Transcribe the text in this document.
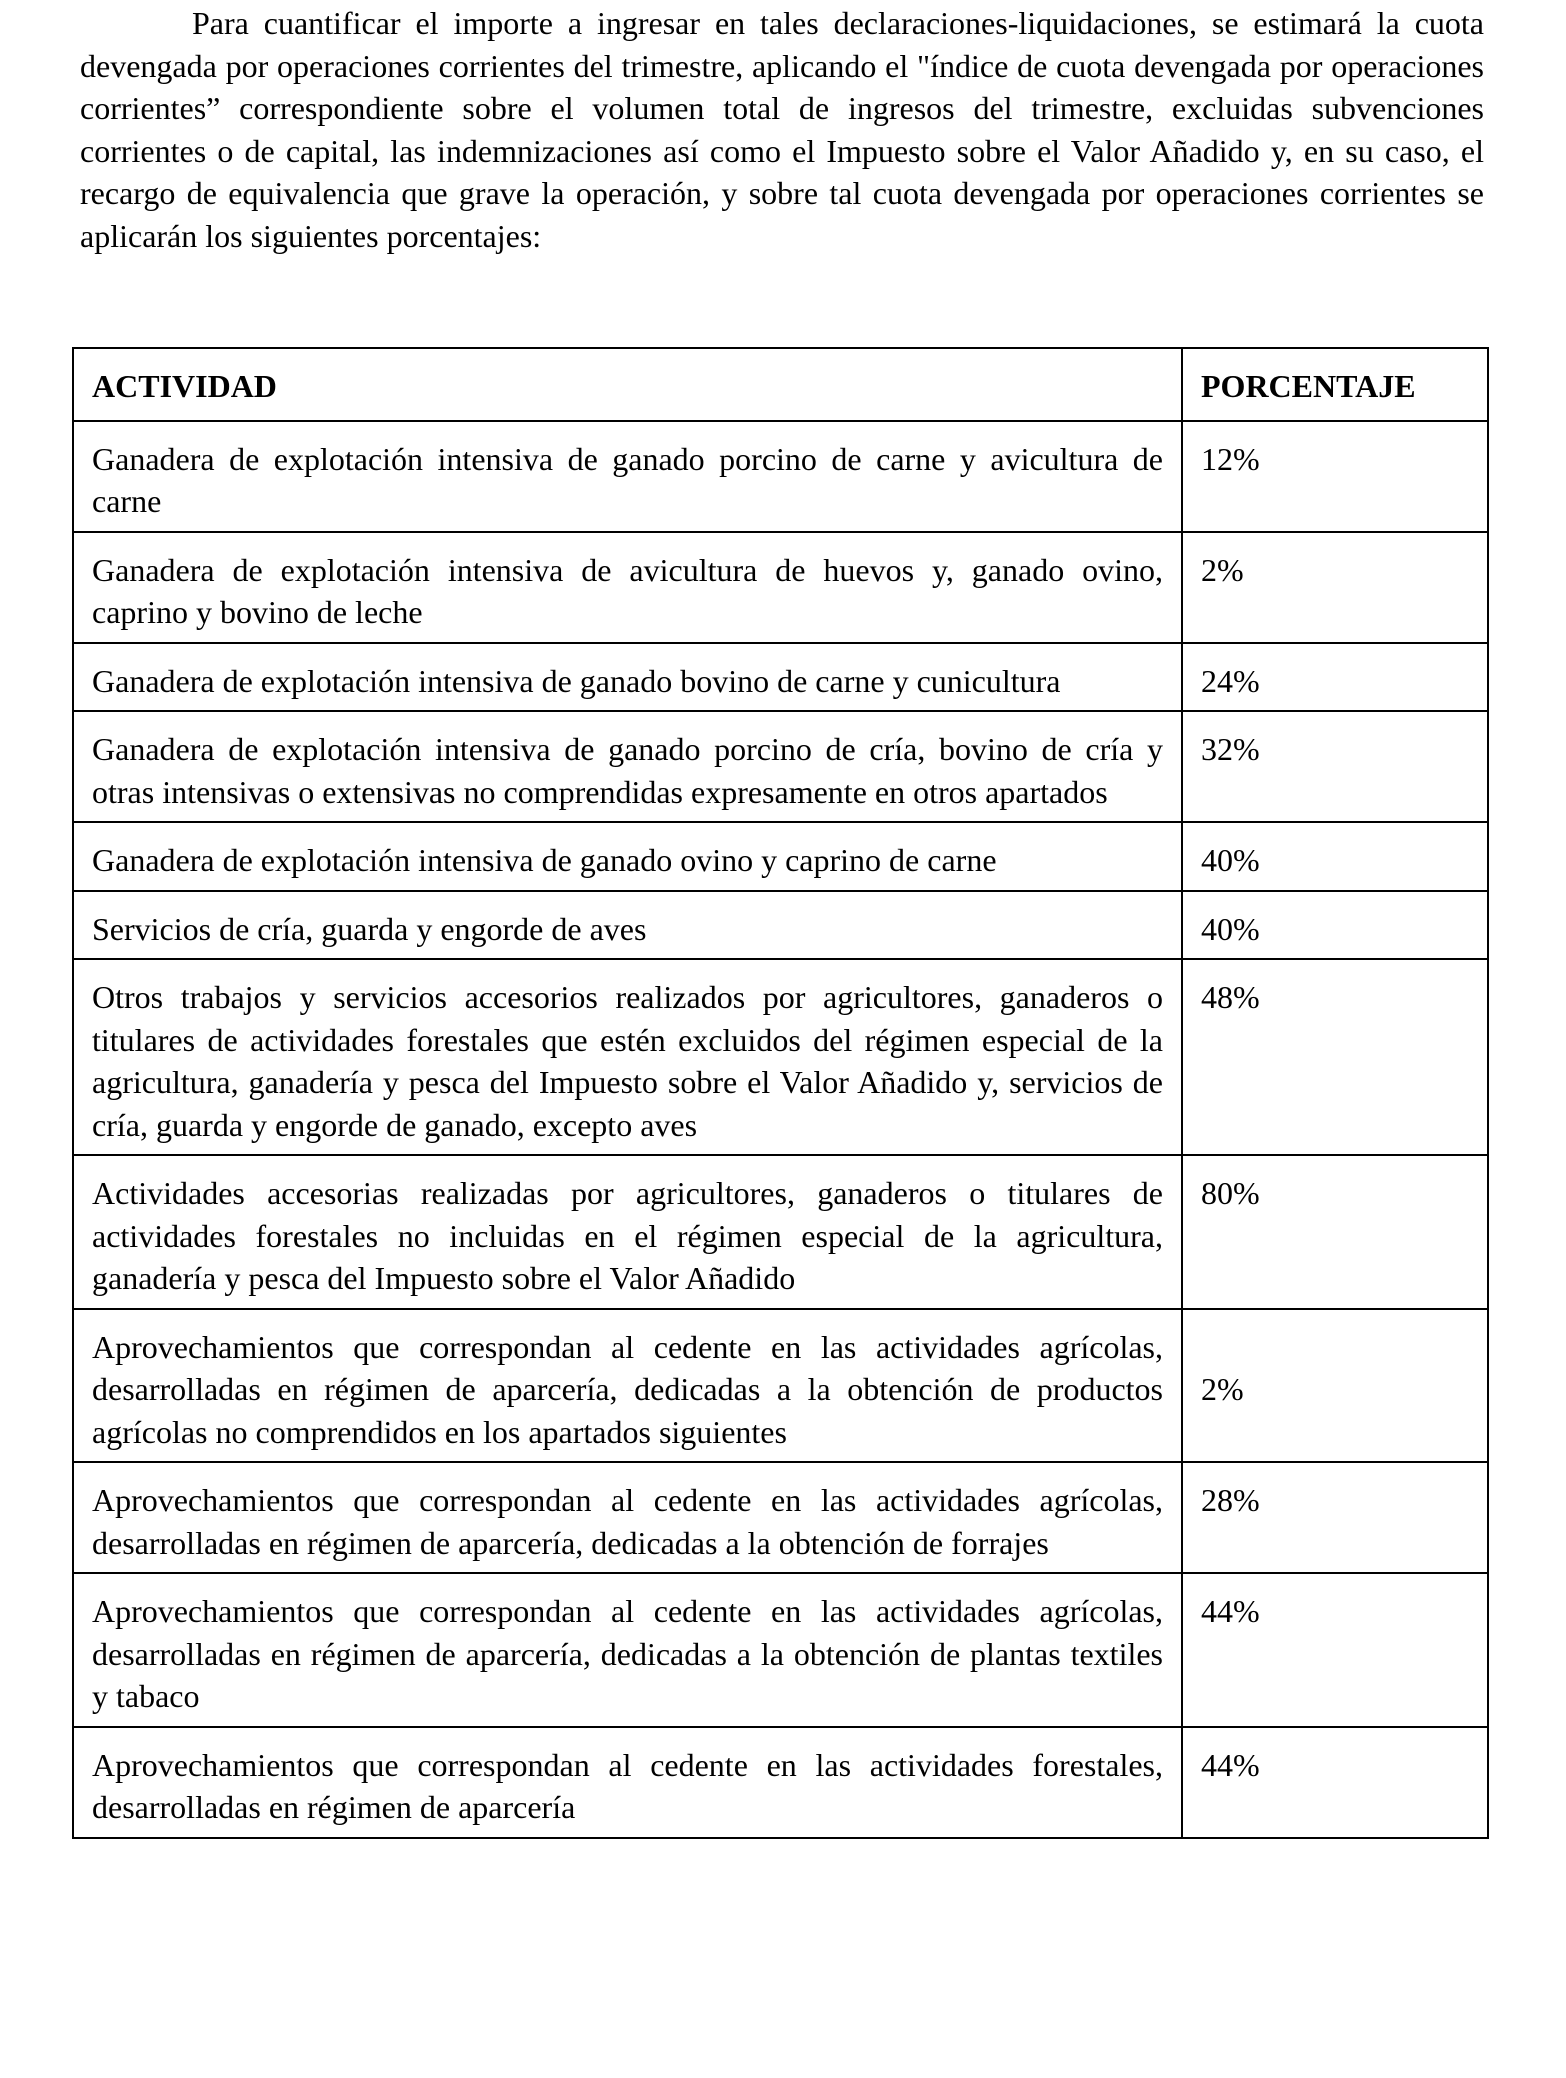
Para cuantificar el importe a ingresar en tales declaraciones-liquidaciones, se estimará la cuota devengada por operaciones corrientes del trimestre, aplicando el "índice de cuota devengada por operaciones corrientes” correspondiente sobre el volumen total de ingresos del trimestre, excluidas subvenciones corrientes o de capital, las indemnizaciones así como el Impuesto sobre el Valor Añadido y, en su caso, el recargo de equivalencia que grave la operación, y sobre tal cuota devengada por operaciones corrientes se aplicarán los siguientes porcentajes:

ACTIVIDAD	PORCENTAJE
Ganadera de explotación intensiva de ganado porcino de carne y avicultura de carne	12%
Ganadera de explotación intensiva de avicultura de huevos y, ganado ovino, caprino y bovino de leche	2%
Ganadera de explotación intensiva de ganado bovino de carne y cunicultura	24%
Ganadera de explotación intensiva de ganado porcino de cría, bovino de cría y otras intensivas o extensivas no comprendidas expresamente en otros apartados	32%
Ganadera de explotación intensiva de ganado ovino y caprino de carne	40%
Servicios de cría, guarda y engorde de aves	40%
Otros trabajos y servicios accesorios realizados por agricultores, ganaderos o titulares de actividades forestales que estén excluidos del régimen especial de la agricultura, ganadería y pesca del Impuesto sobre el Valor Añadido y, servicios de cría, guarda y engorde de ganado, excepto aves	48%
Actividades accesorias realizadas por agricultores, ganaderos o titulares de actividades forestales no incluidas en el régimen especial de la agricultura, ganadería y pesca del Impuesto sobre el Valor Añadido	80%
Aprovechamientos que correspondan al cedente en las actividades agrícolas, desarrolladas en régimen de aparcería, dedicadas a la obtención de productos agrícolas no comprendidos en los apartados siguientes	2%
Aprovechamientos que correspondan al cedente en las actividades agrícolas, desarrolladas en régimen de aparcería, dedicadas a la obtención de forrajes	28%
Aprovechamientos que correspondan al cedente en las actividades agrícolas, desarrolladas en régimen de aparcería, dedicadas a la obtención de plantas textiles y tabaco	44%
Aprovechamientos que correspondan al cedente en las actividades forestales, desarrolladas en régimen de aparcería	44%
